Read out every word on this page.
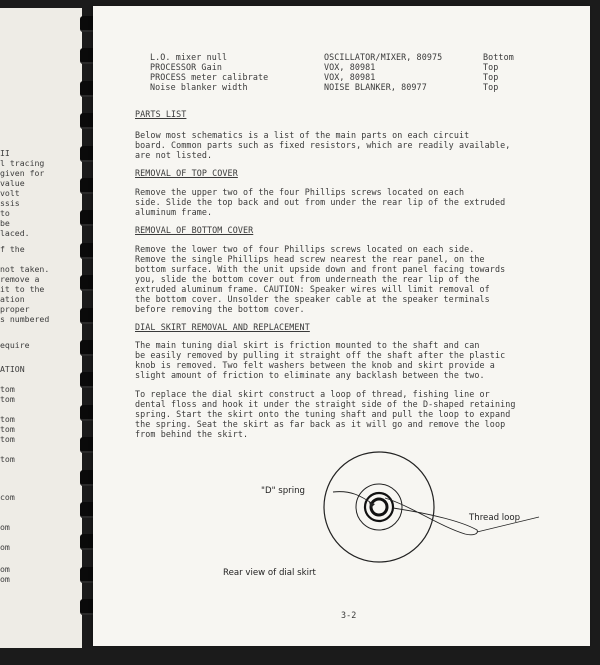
II
l tracing
given for
value
volt
ssis
to
be
laced.
f the
not taken.
remove a
it to the
ation
proper
s numbered
equire
ATION
tom
tom
tom
tom
tom
tom
com
om
om
om
om
L.O. mixer null	OSCILLATOR/MIXER, 80975	Bottom
PROCESSOR Gain	VOX, 80981	Top
PROCESS meter calibrate	VOX, 80981	Top
Noise blanker width	NOISE BLANKER, 80977	Top
PARTS LIST
Below most schematics is a list of the main parts on each circuit
board. Common parts such as fixed resistors, which are readily available,
are not listed.
REMOVAL OF TOP COVER
Remove the upper two of the four Phillips screws located on each
side. Slide the top back and out from under the rear lip of the extruded
aluminum frame.
REMOVAL OF BOTTOM COVER
Remove the lower two of four Phillips screws located on each side.
Remove the single Phillips head screw nearest the rear panel, on the
bottom surface. With the unit upside down and front panel facing towards
you, slide the bottom cover out from underneath the rear lip of the
extruded aluminum frame. CAUTION: Speaker wires will limit removal of
the bottom cover. Unsolder the speaker cable at the speaker terminals
before removing the bottom cover.
DIAL SKIRT REMOVAL AND REPLACEMENT
The main tuning dial skirt is friction mounted to the shaft and can
be easily removed by pulling it straight off the shaft after the plastic
knob is removed. Two felt washers between the knob and skirt provide a
slight amount of friction to eliminate any backlash between the two.
To replace the dial skirt construct a loop of thread, fishing line or
dental floss and hook it under the straight side of the D-shaped retaining
spring. Start the skirt onto the tuning shaft and pull the loop to expand
the spring. Seat the skirt as far back as it will go and remove the loop
from behind the skirt.
"D" spring
Thread loop
Rear view of dial skirt
3-2
